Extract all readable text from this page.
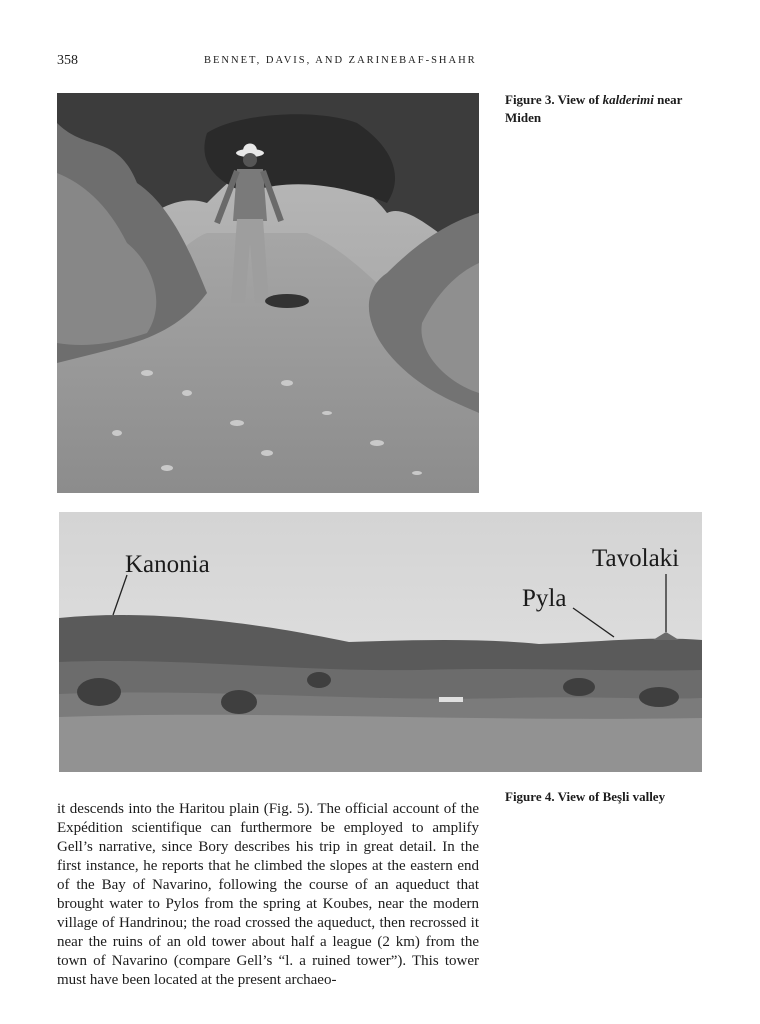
358	BENNET, DAVIS, AND ZARINEBAF-SHAHR
Figure 3. View of kalderimi near Miden
Kanonia	Tavolaki
Pyla
Figure 4. View of Beşli valley

it descends into the Haritou plain (Fig. 5). The official account of the Expédition scientifique can furthermore be employed to amplify Gell’s narrative, since Bory describes his trip in great detail. In the first instance, he reports that he climbed the slopes at the eastern end of the Bay of Navarino, following the course of an aqueduct that brought water to Pylos from the spring at Koubes, near the modern village of Handrinou; the road crossed the aqueduct, then recrossed it near the ruins of an old tower about half a league (2 km) from the town of Navarino (compare Gell’s “l. a ruined tower”). This tower must have been located at the present archaeo-
